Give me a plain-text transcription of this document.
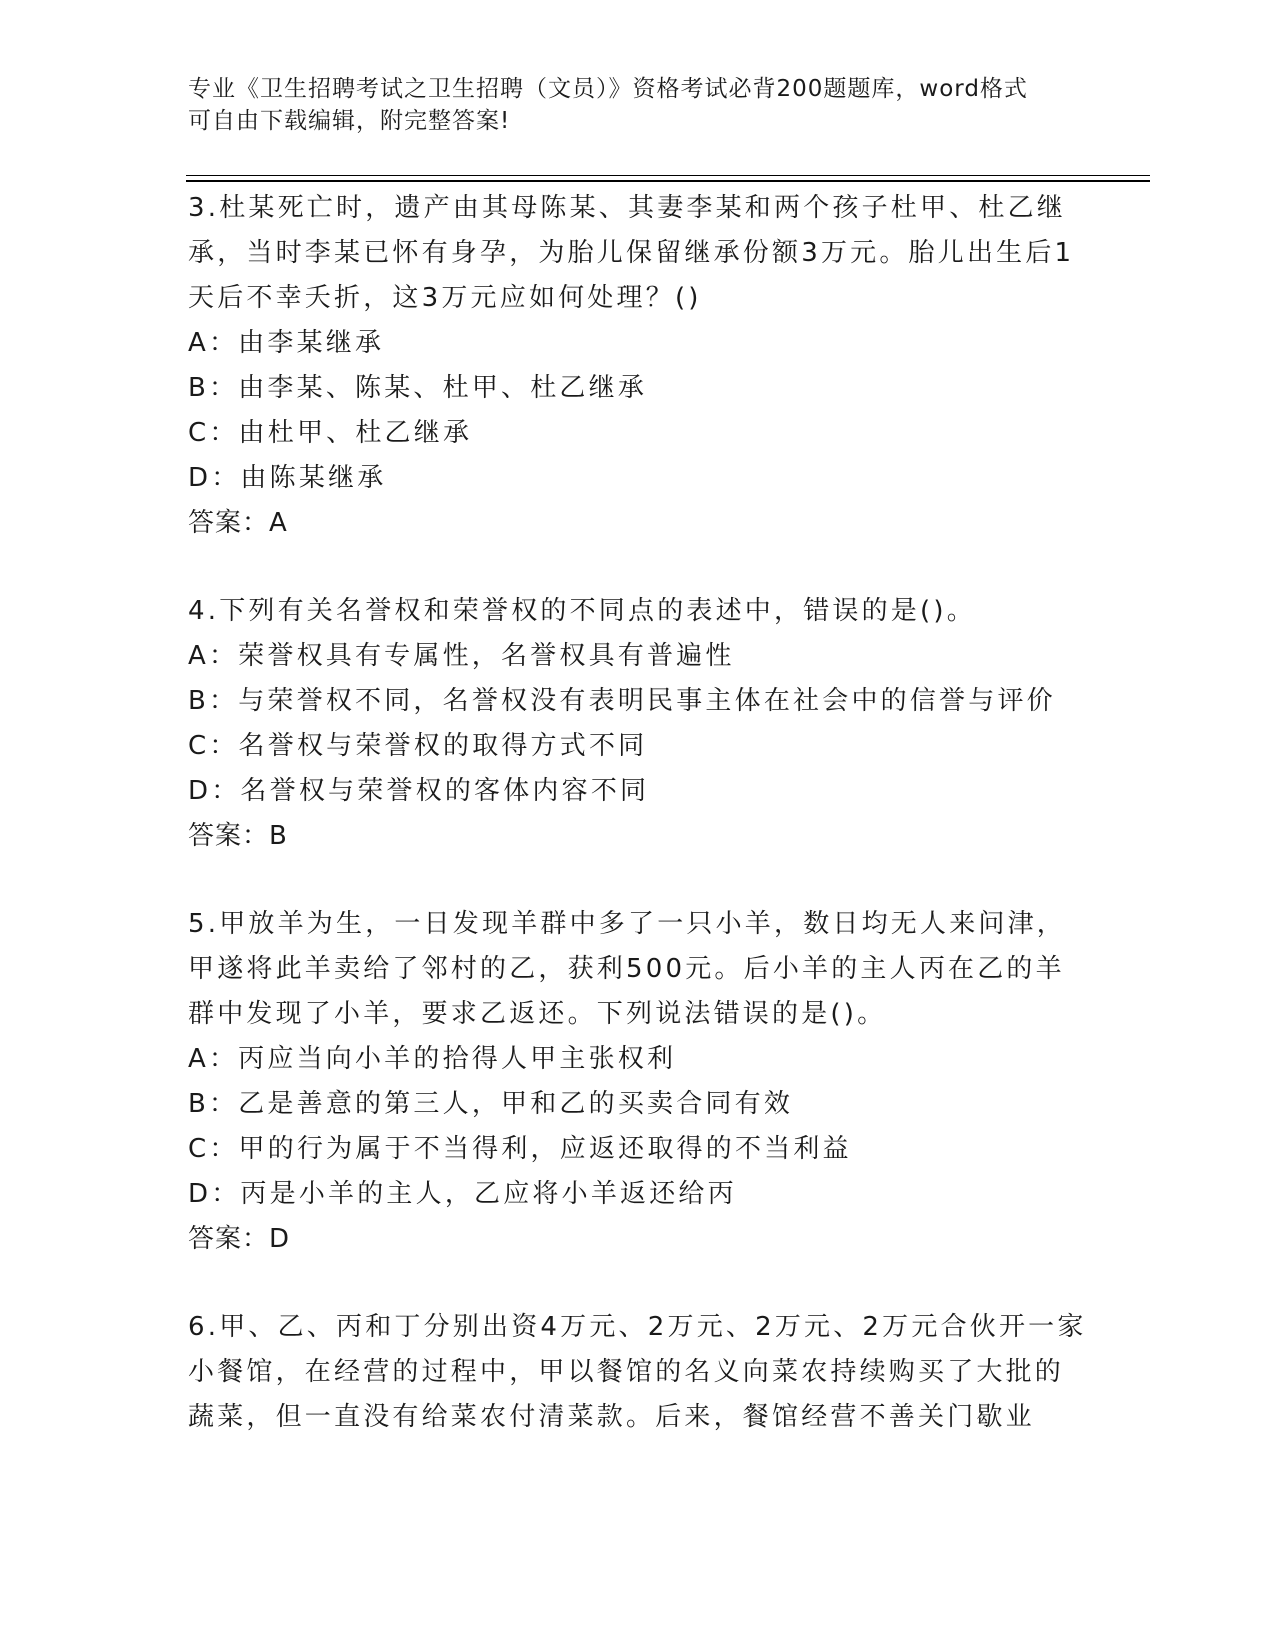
专业《卫生招聘考试之卫生招聘（文员）》资格考试必背200题题库，word格式
可自由下载编辑，附完整答案!
3.杜某死亡时，遗产由其母陈某、其妻李某和两个孩子杜甲、杜乙继承，当时李某已怀有身孕，为胎儿保留继承份额3万元。胎儿出生后1天后不幸夭折，这3万元应如何处理？()
A：由李某继承
B：由李某、陈某、杜甲、杜乙继承
C：由杜甲、杜乙继承
D：由陈某继承
答案：A
4.下列有关名誉权和荣誉权的不同点的表述中，错误的是()。
A：荣誉权具有专属性，名誉权具有普遍性
B：与荣誉权不同，名誉权没有表明民事主体在社会中的信誉与评价
C：名誉权与荣誉权的取得方式不同
D：名誉权与荣誉权的客体内容不同
答案：B
5.甲放羊为生，一日发现羊群中多了一只小羊，数日均无人来问津，甲遂将此羊卖给了邻村的乙，获利500元。后小羊的主人丙在乙的羊群中发现了小羊，要求乙返还。下列说法错误的是()。
A：丙应当向小羊的拾得人甲主张权利
B：乙是善意的第三人，甲和乙的买卖合同有效
C：甲的行为属于不当得利，应返还取得的不当利益
D：丙是小羊的主人，乙应将小羊返还给丙
答案：D
6.甲、乙、丙和丁分别出资4万元、2万元、2万元、2万元合伙开一家小餐馆，在经营的过程中，甲以餐馆的名义向菜农持续购买了大批的蔬菜，但一直没有给菜农付清菜款。后来，餐馆经营不善关门歇业
